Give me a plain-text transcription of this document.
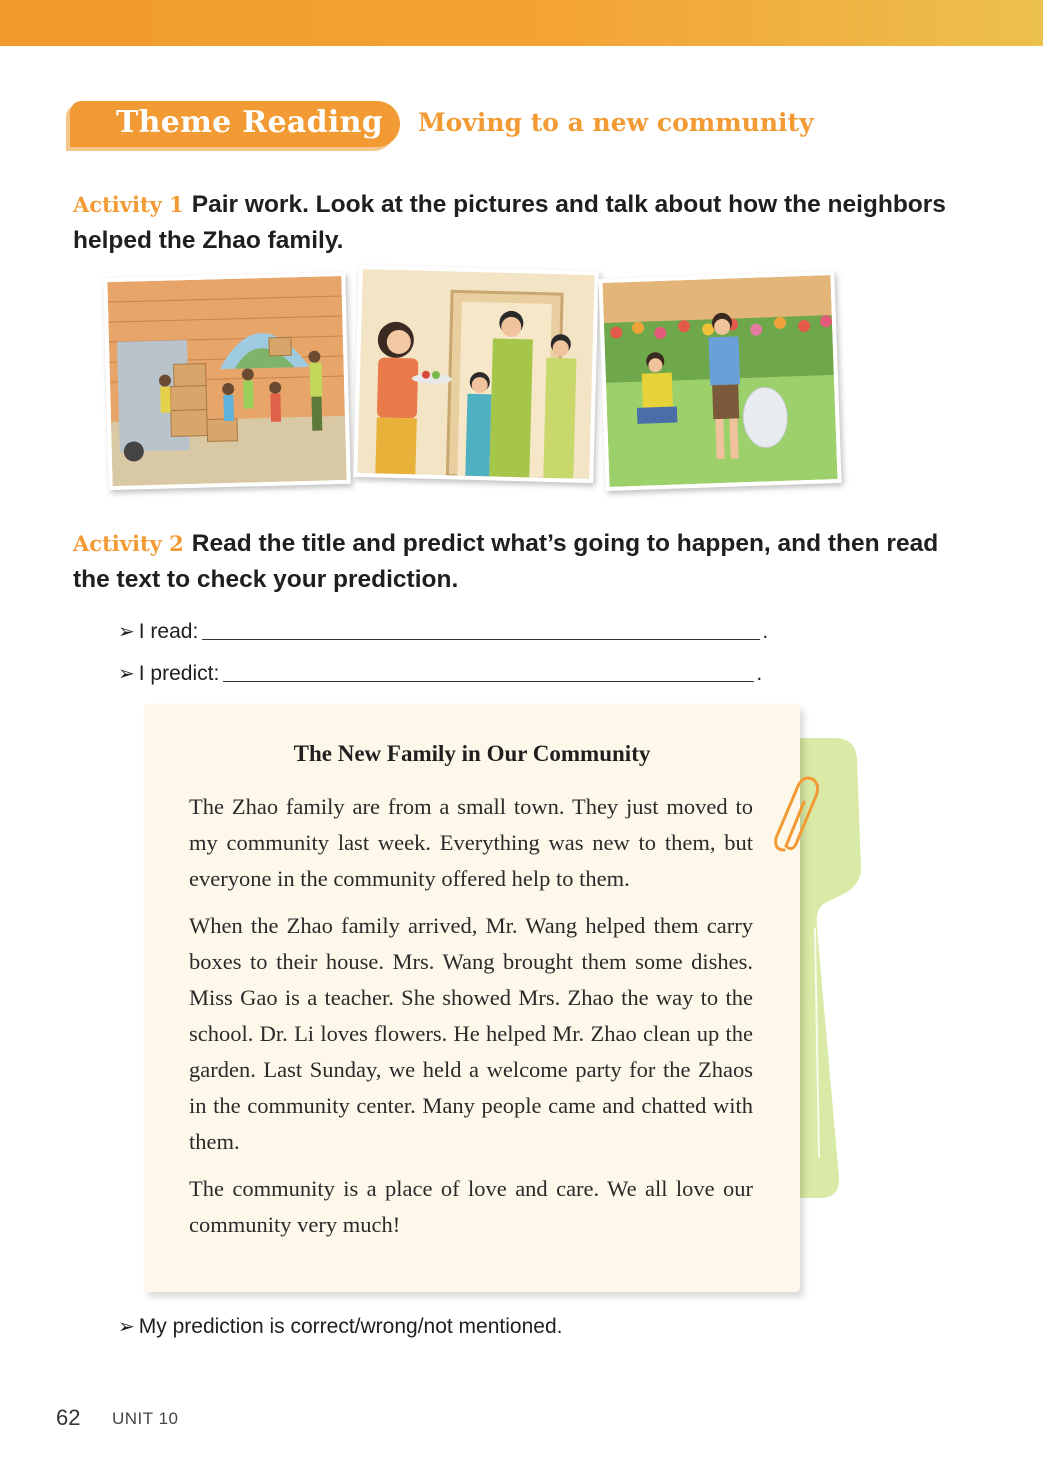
Theme Reading Moving to a new community
Activity 1 Pair work. Look at the pictures and talk about how the neighbors helped the Zhao family.
Activity 2 Read the title and predict what’s going to happen, and then read the text to check your prediction.
➢ I read:	.
➢ I predict:	.
The New Family in Our Community
The Zhao family are from a small town. They just moved to my community last week. Everything was new to them, but everyone in the community offered help to them.
When the Zhao family arrived, Mr. Wang helped them carry boxes to their house. Mrs. Wang brought them some dishes. Miss Gao is a teacher. She showed Mrs. Zhao the way to the school. Dr. Li loves flowers. He helped Mr. Zhao clean up the garden. Last Sunday, we held a welcome party for the Zhaos in the community center. Many people came and chatted with them.
The community is a place of love and care. We all love our community very much!
➢ My prediction is correct/wrong/not mentioned.
62 UNIT 10
